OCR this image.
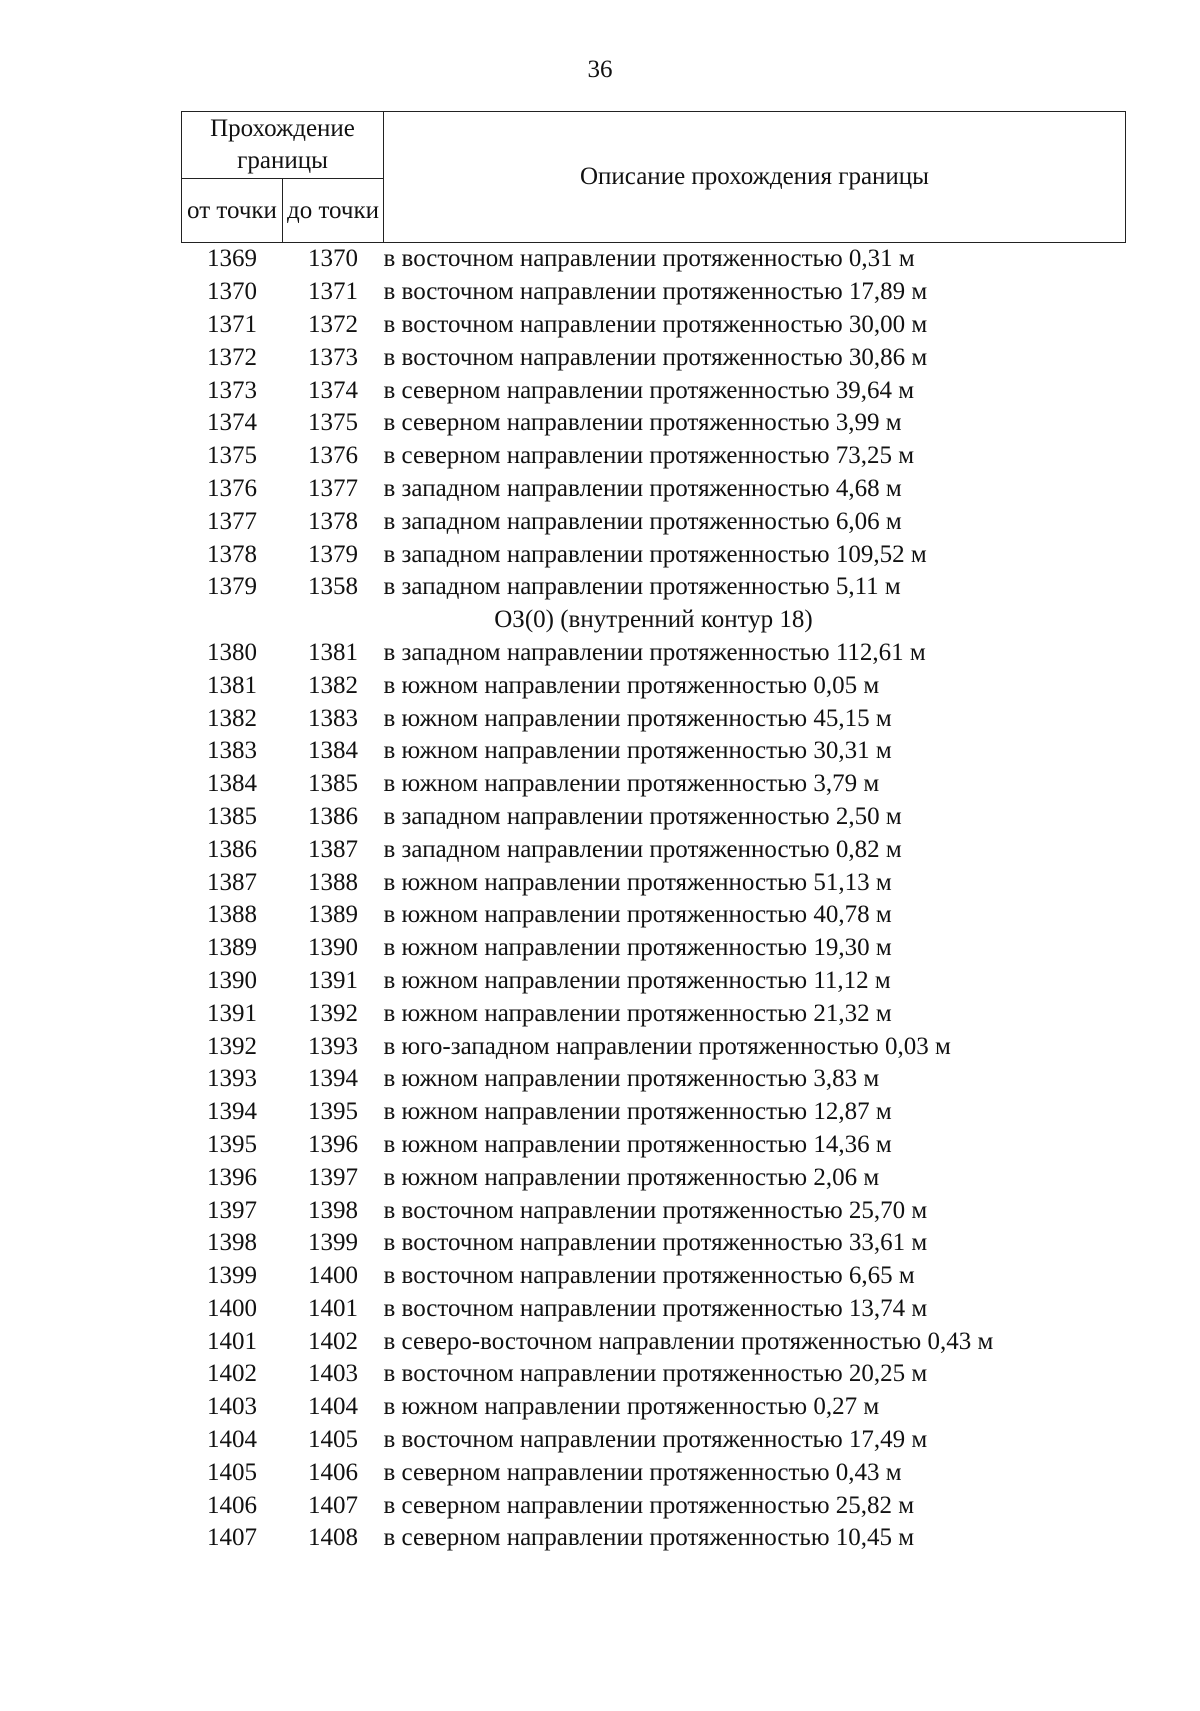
36
Прохождение границы		Описание прохождения границы
от точки	до точки	
1369	1370	в восточном направлении протяженностью 0,31 м
1370	1371	в восточном направлении протяженностью 17,89 м
1371	1372	в восточном направлении протяженностью 30,00 м
1372	1373	в восточном направлении протяженностью 30,86 м
1373	1374	в северном направлении протяженностью 39,64 м
1374	1375	в северном направлении протяженностью 3,99 м
1375	1376	в северном направлении протяженностью 73,25 м
1376	1377	в западном направлении протяженностью 4,68 м
1377	1378	в западном направлении протяженностью 6,06 м
1378	1379	в западном направлении протяженностью 109,52 м
1379	1358	в западном направлении протяженностью 5,11 м
ОЗ(0) (внутренний контур 18)		
1380	1381	в западном направлении протяженностью 112,61 м
1381	1382	в южном направлении протяженностью 0,05 м
1382	1383	в южном направлении протяженностью 45,15 м
1383	1384	в южном направлении протяженностью 30,31 м
1384	1385	в южном направлении протяженностью 3,79 м
1385	1386	в западном направлении протяженностью 2,50 м
1386	1387	в западном направлении протяженностью 0,82 м
1387	1388	в южном направлении протяженностью 51,13 м
1388	1389	в южном направлении протяженностью 40,78 м
1389	1390	в южном направлении протяженностью 19,30 м
1390	1391	в южном направлении протяженностью 11,12 м
1391	1392	в южном направлении протяженностью 21,32 м
1392	1393	в юго-западном направлении протяженностью 0,03 м
1393	1394	в южном направлении протяженностью 3,83 м
1394	1395	в южном направлении протяженностью 12,87 м
1395	1396	в южном направлении протяженностью 14,36 м
1396	1397	в южном направлении протяженностью 2,06 м
1397	1398	в восточном направлении протяженностью 25,70 м
1398	1399	в восточном направлении протяженностью 33,61 м
1399	1400	в восточном направлении протяженностью 6,65 м
1400	1401	в восточном направлении протяженностью 13,74 м
1401	1402	в северо-восточном направлении протяженностью 0,43 м
1402	1403	в восточном направлении протяженностью 20,25 м
1403	1404	в южном направлении протяженностью 0,27 м
1404	1405	в восточном направлении протяженностью 17,49 м
1405	1406	в северном направлении протяженностью 0,43 м
1406	1407	в северном направлении протяженностью 25,82 м
1407	1408	в северном направлении протяженностью 10,45 м
